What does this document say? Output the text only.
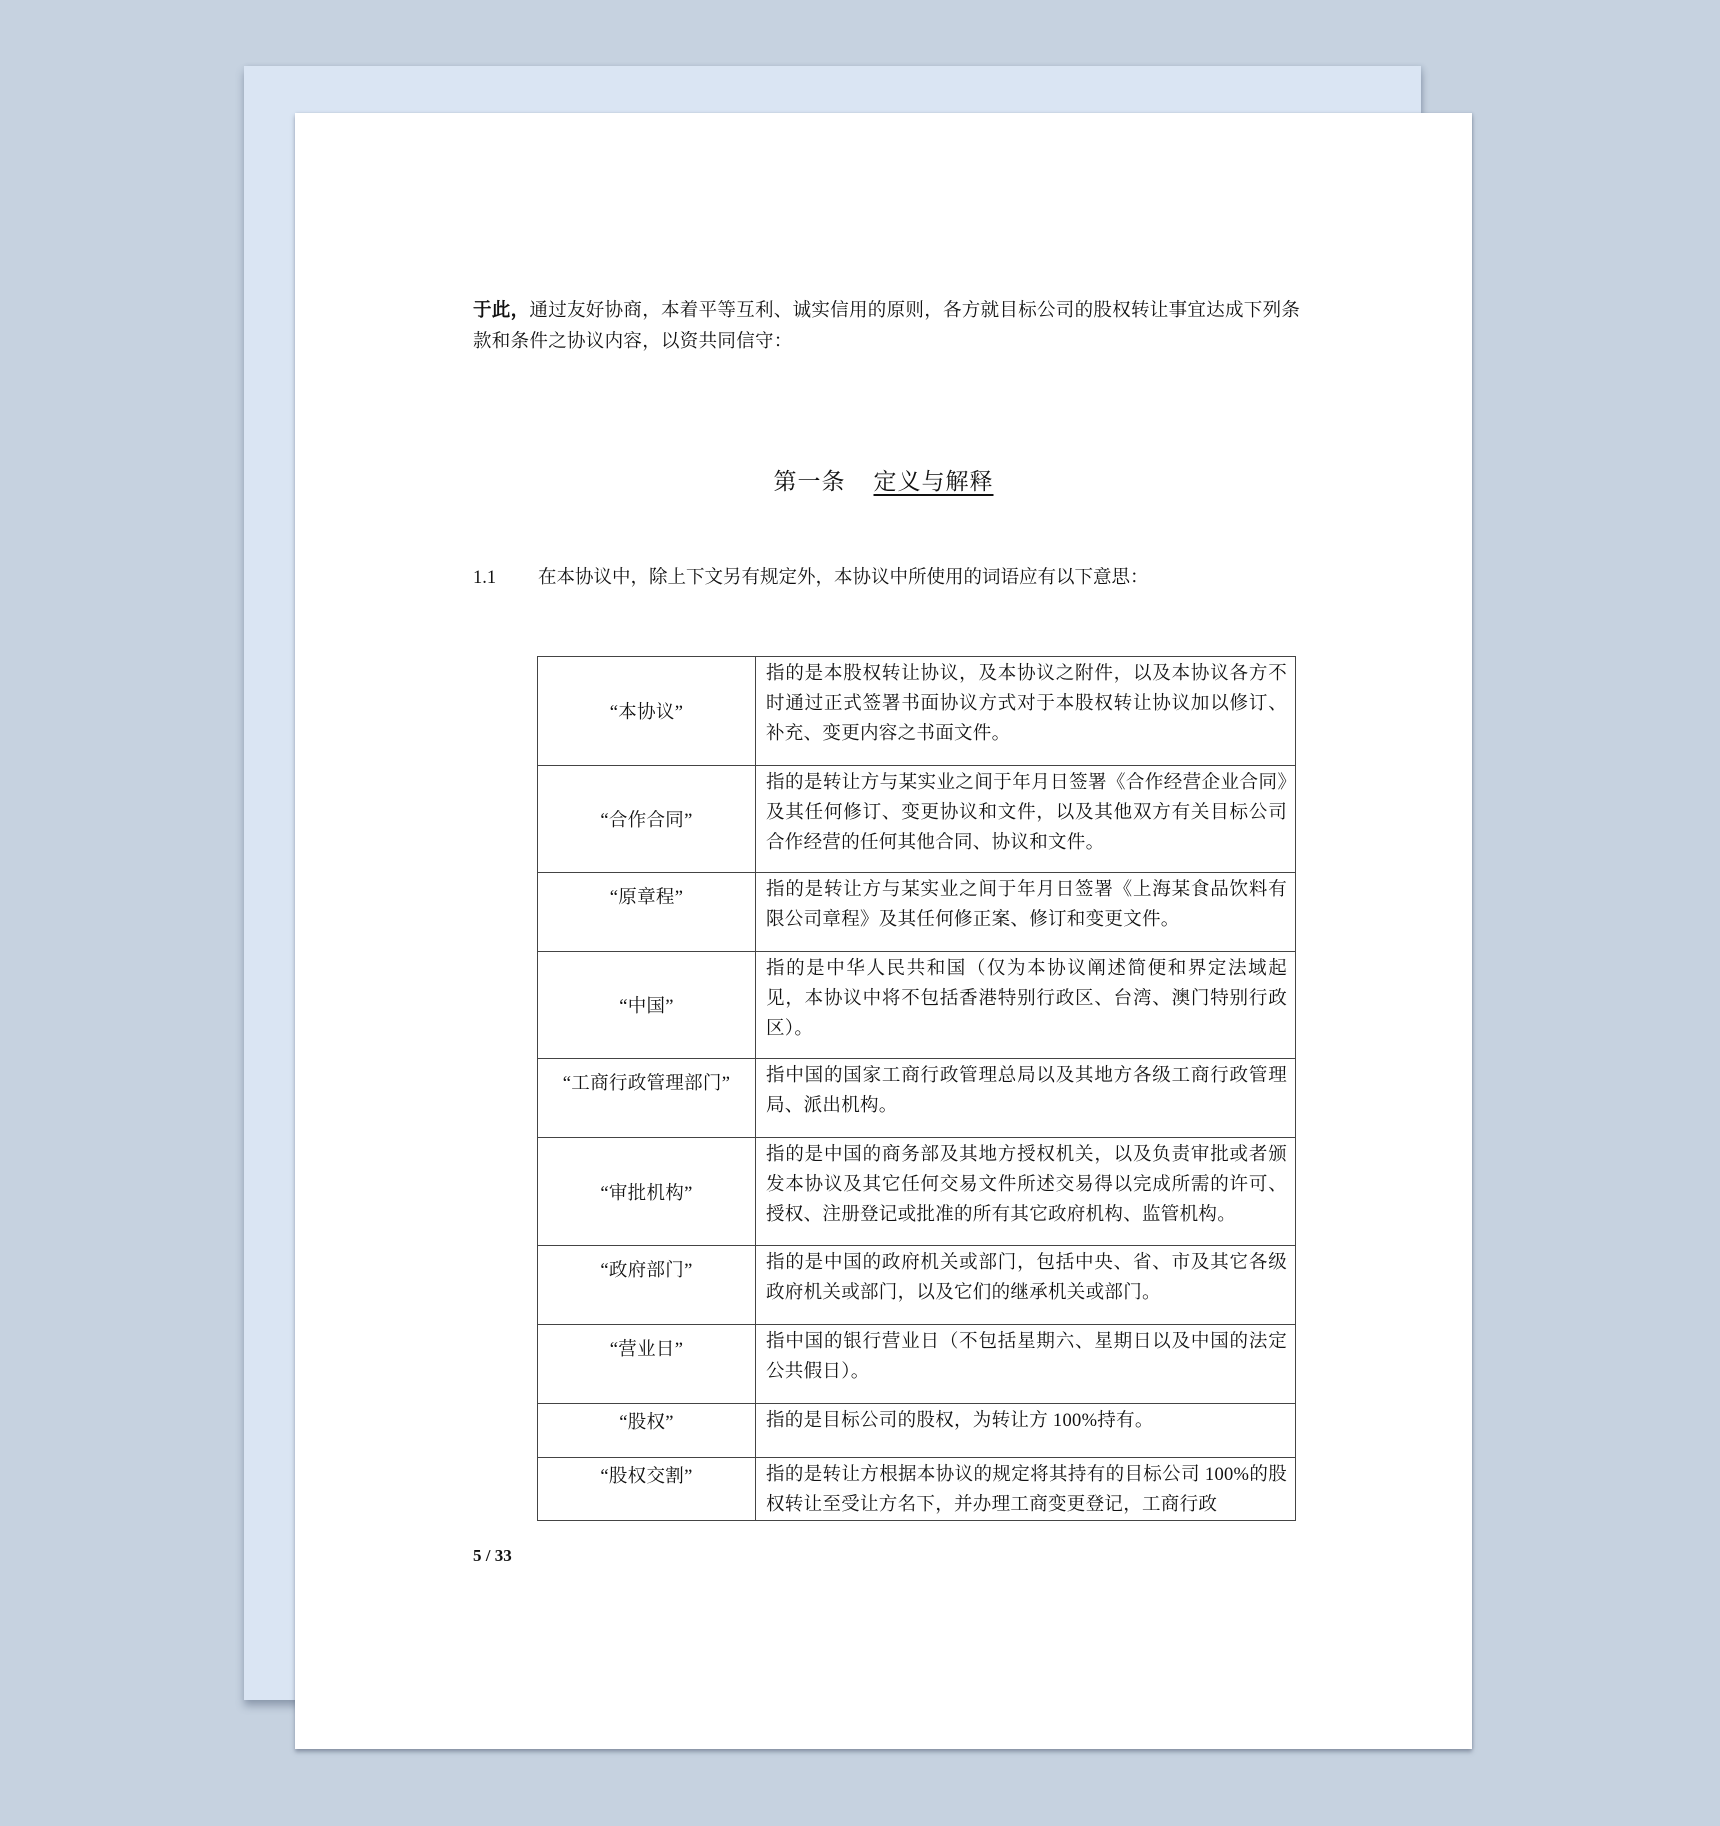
于此，通过友好协商，本着平等互利、诚实信用的原则，各方就目标公司的股权转让事宜达成下列条款和条件之协议内容，以资共同信守：

第一条 定义与解释
1.1 在本协议中，除上下文另有规定外，本协议中所使用的词语应有以下意思：
“本协议”	指的是本股权转让协议，及本协议之附件，以及本协议各方不时通过正式签署书面协议方式对于本股权转让协议加以修订、补充、变更内容之书面文件。
“合作合同”	指的是转让方与某实业之间于年月日签署《合作经营企业合同》及其任何修订、变更协议和文件，以及其他双方有关目标公司合作经营的任何其他合同、协议和文件。
“原章程”	指的是转让方与某实业之间于年月日签署《上海某食品饮料有限公司章程》及其任何修正案、修订和变更文件。
“中国”	指的是中华人民共和国（仅为本协议阐述简便和界定法域起见，本协议中将不包括香港特别行政区、台湾、澳门特别行政区）。
“工商行政管理部门”	指中国的国家工商行政管理总局以及其地方各级工商行政管理局、派出机构。
“审批机构”	指的是中国的商务部及其地方授权机关，以及负责审批或者颁发本协议及其它任何交易文件所述交易得以完成所需的许可、授权、注册登记或批准的所有其它政府机构、监管机构。
“政府部门”	指的是中国的政府机关或部门，包括中央、省、市及其它各级政府机关或部门，以及它们的继承机关或部门。
“营业日”	指中国的银行营业日（不包括星期六、星期日以及中国的法定公共假日）。
“股权”	指的是目标公司的股权，为转让方 100%持有。
“股权交割”	指的是转让方根据本协议的规定将其持有的目标公司 100%的股权转让至受让方名下，并办理工商变更登记，工商行政
5 / 33
